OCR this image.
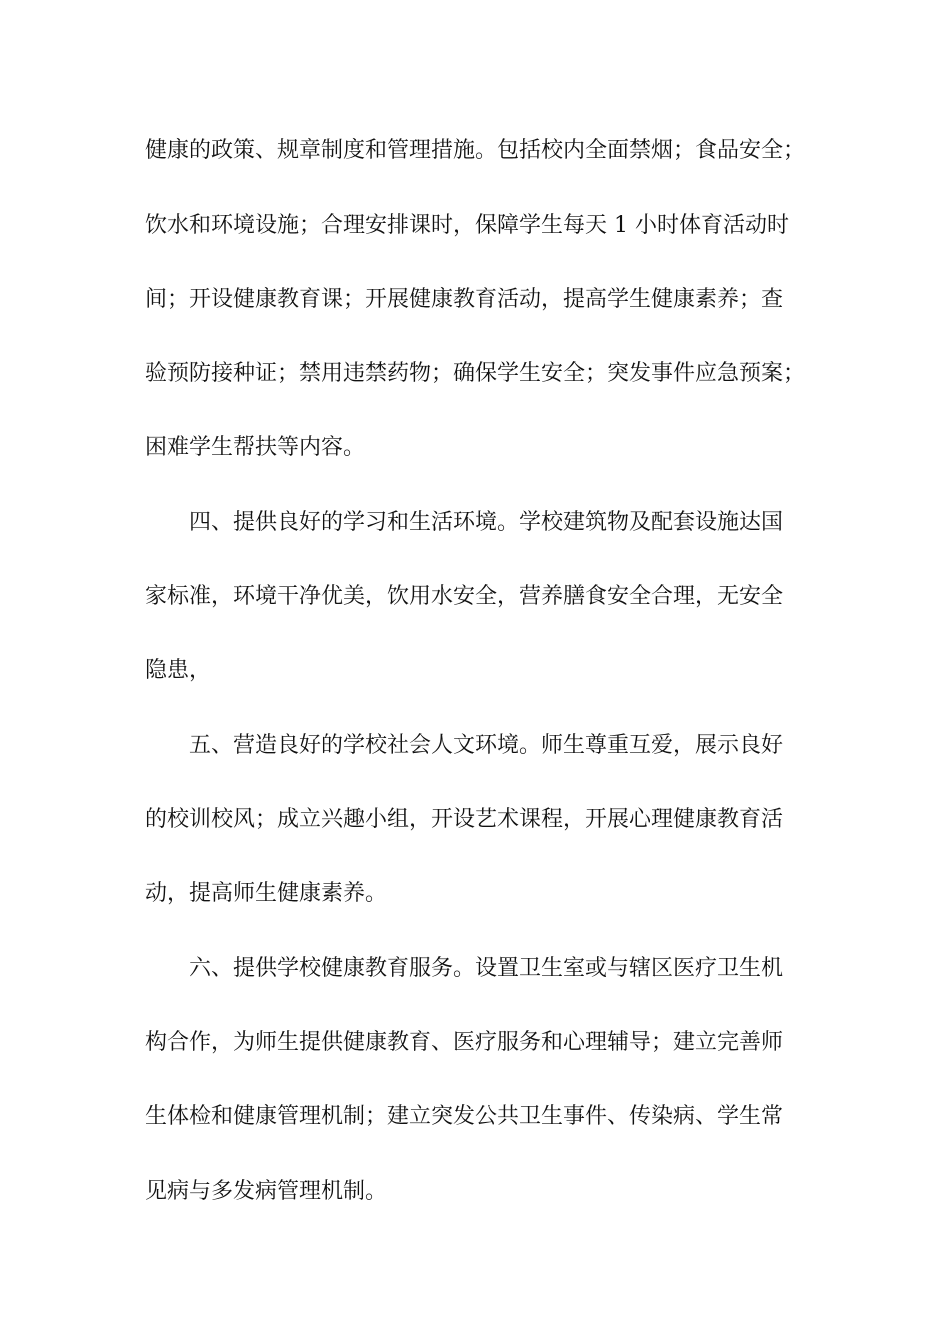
健康的政策、规章制度和管理措施。包括校内全面禁烟；食品安全；
饮水和环境设施；合理安排课时，保障学生每天 1 小时体育活动时
间；开设健康教育课；开展健康教育活动，提高学生健康素养；查
验预防接种证；禁用违禁药物；确保学生安全；突发事件应急预案；
困难学生帮扶等内容。
四、提供良好的学习和生活环境。学校建筑物及配套设施达国
家标准，环境干净优美，饮用水安全，营养膳食安全合理，无安全
隐患，
五、营造良好的学校社会人文环境。师生尊重互爱，展示良好
的校训校风；成立兴趣小组，开设艺术课程，开展心理健康教育活
动，提高师生健康素养。
六、提供学校健康教育服务。设置卫生室或与辖区医疗卫生机
构合作，为师生提供健康教育、医疗服务和心理辅导；建立完善师
生体检和健康管理机制；建立突发公共卫生事件、传染病、学生常
见病与多发病管理机制。
